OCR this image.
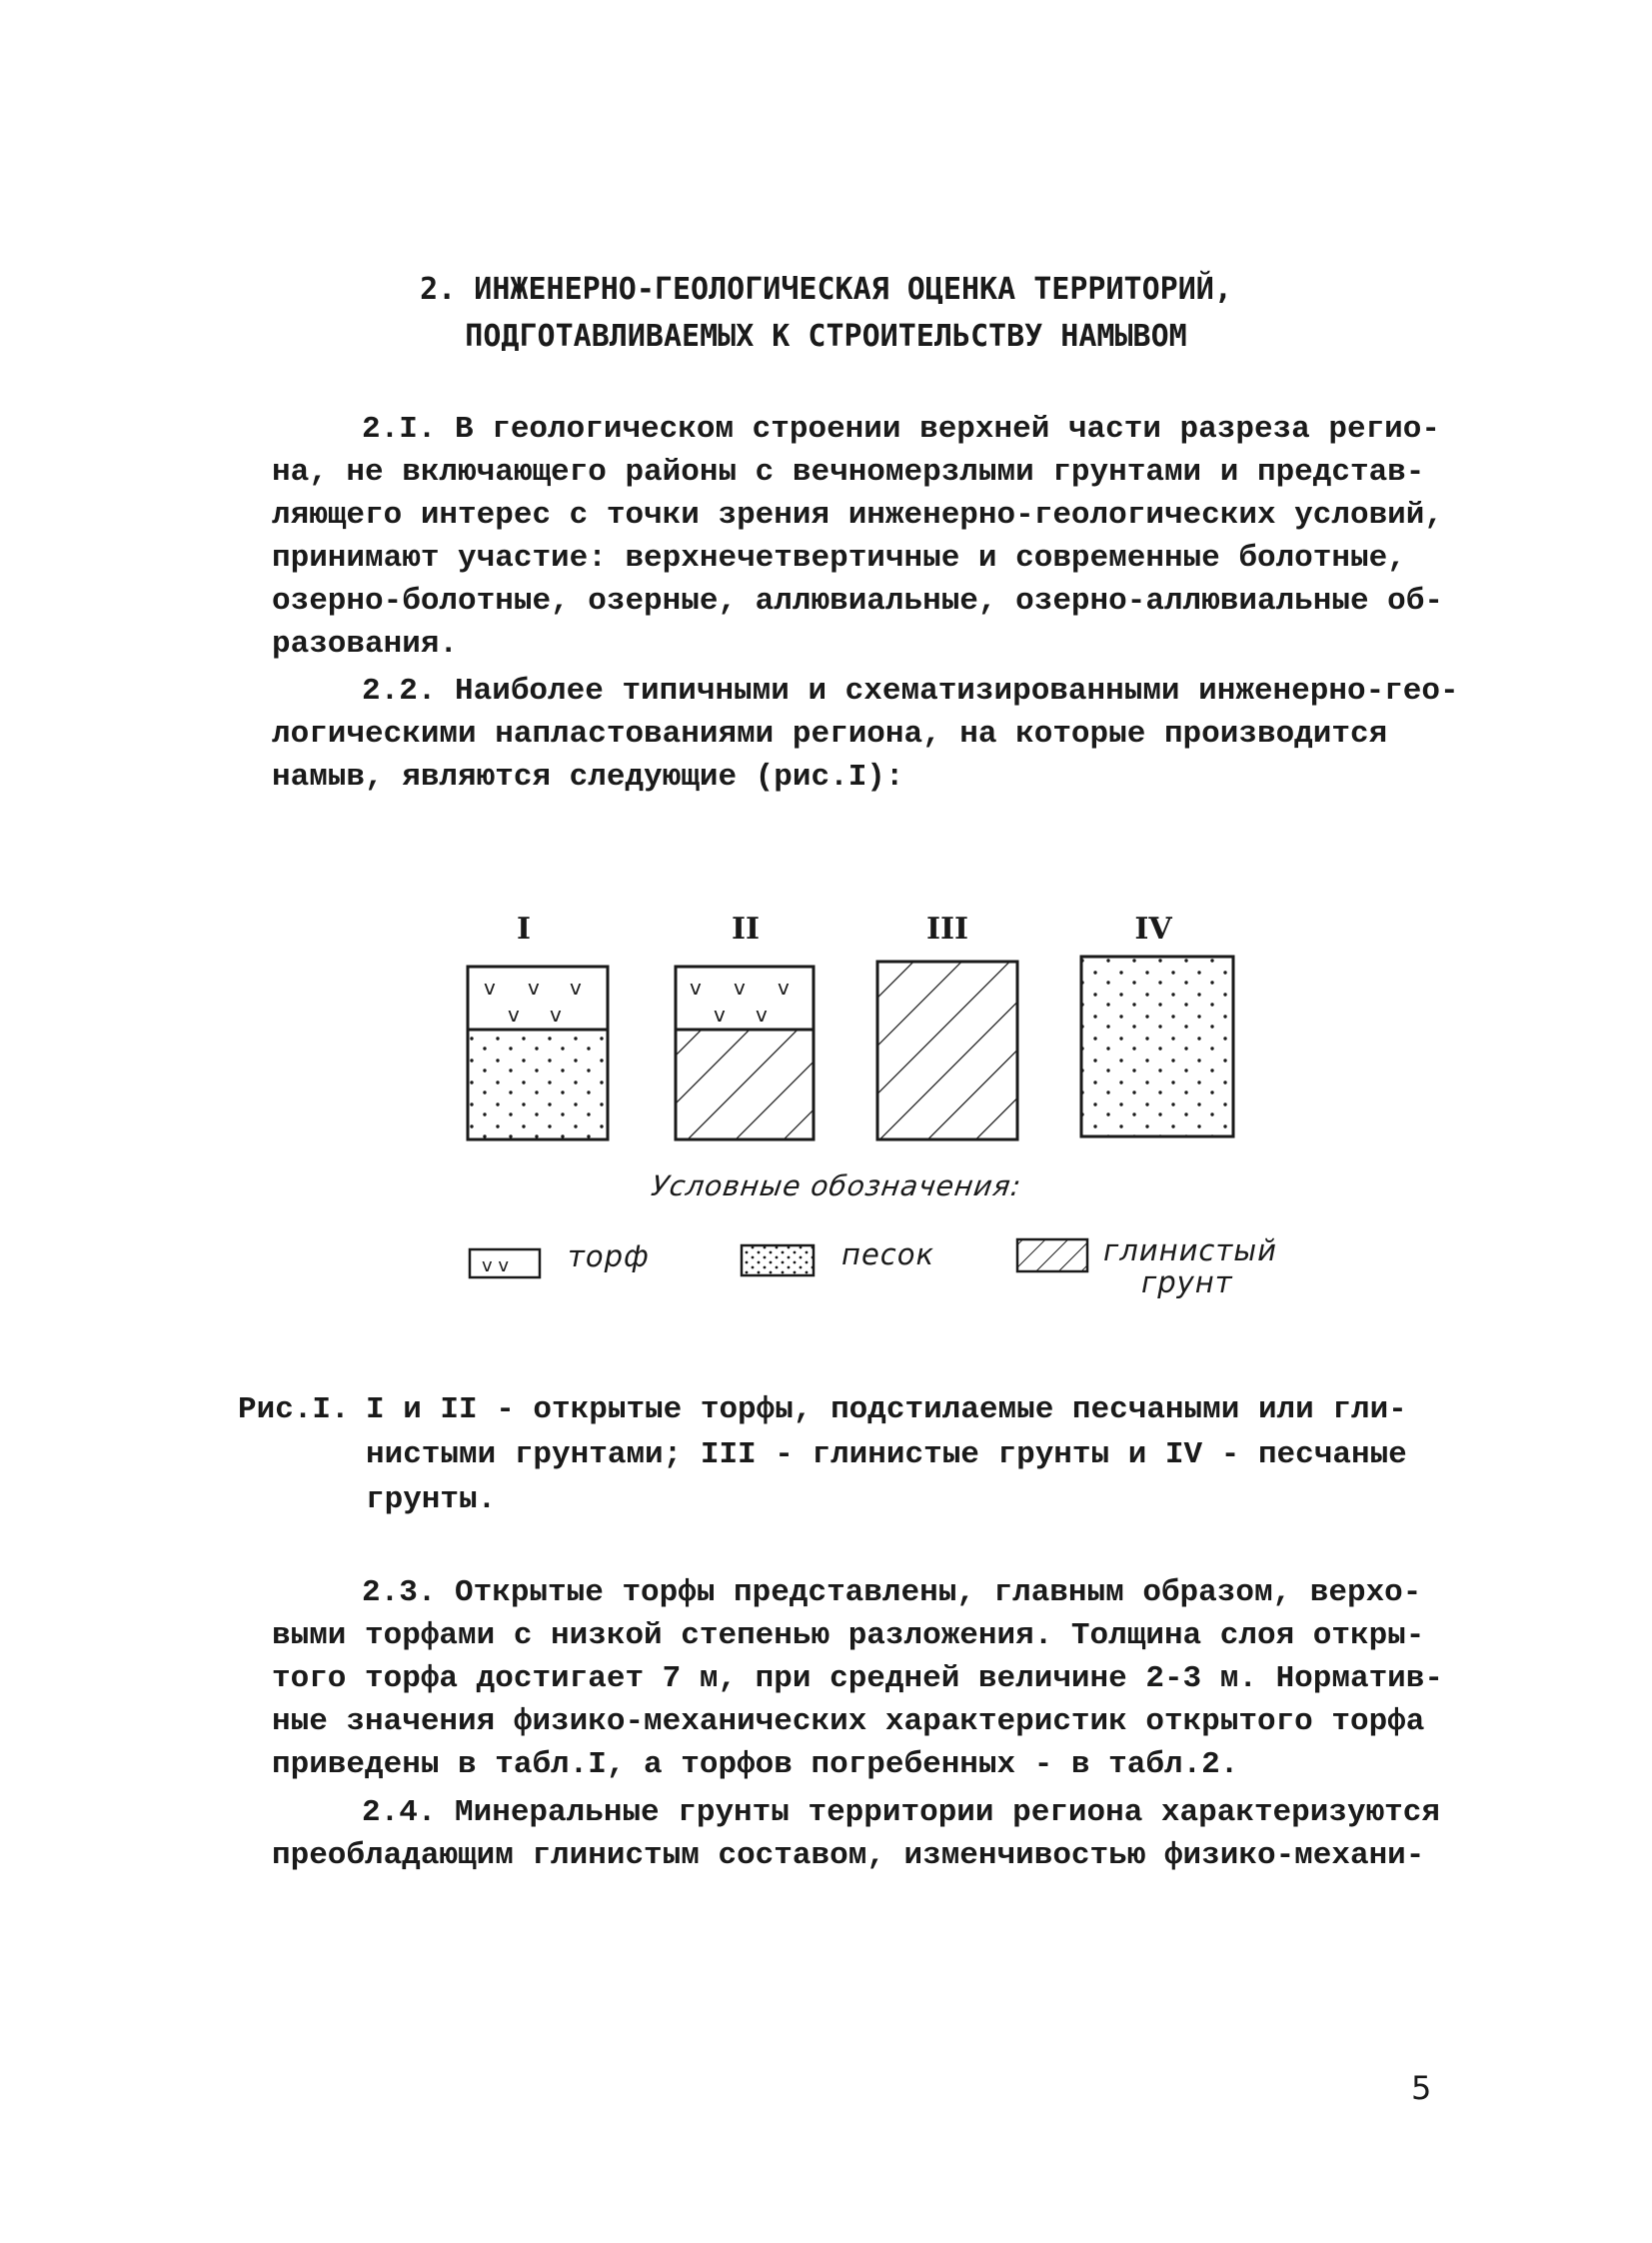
2. ИНЖЕНЕРНО-ГЕОЛОГИЧЕСКАЯ ОЦЕНКА ТЕРРИТОРИЙ,
ПОДГОТАВЛИВАЕМЫХ К СТРОИТЕЛЬСТВУ НАМЫВОМ
2.I. В геологическом строении верхней части разреза регио-
на, не включающего районы с вечномерзлыми грунтами и представ-
ляющего интерес с точки зрения инженерно-геологических условий,
принимают участие: верхнечетвертичные и современные болотные,
озерно-болотные, озерные, аллювиальные, озерно-аллювиальные об-
разования.
2.2. Наиболее типичными и схематизированными инженерно-гео-
логическими напластованиями региона, на которые производится
намыв, являются следующие (рис.I):
I	II	III	IV
v v v
v v
v v v
v v
v v
Условные обозначения:
торф	песок	глинистый
грунт
Рис.I. I и II - открытые торфы, подстилаемые песчаными или гли-
нистыми грунтами; III - глинистые грунты и IV - песчаные
грунты.
2.3. Открытые торфы представлены, главным образом, верхо-
выми торфами с низкой степенью разложения. Толщина слоя откры-
того торфа достигает 7 м, при средней величине 2-3 м. Норматив-
ные значения физико-механических характеристик открытого торфа
приведены в табл.I, а торфов погребенных - в табл.2.
2.4. Минеральные грунты территории региона характеризуются
преобладающим глинистым составом, изменчивостью физико-механи-
5
